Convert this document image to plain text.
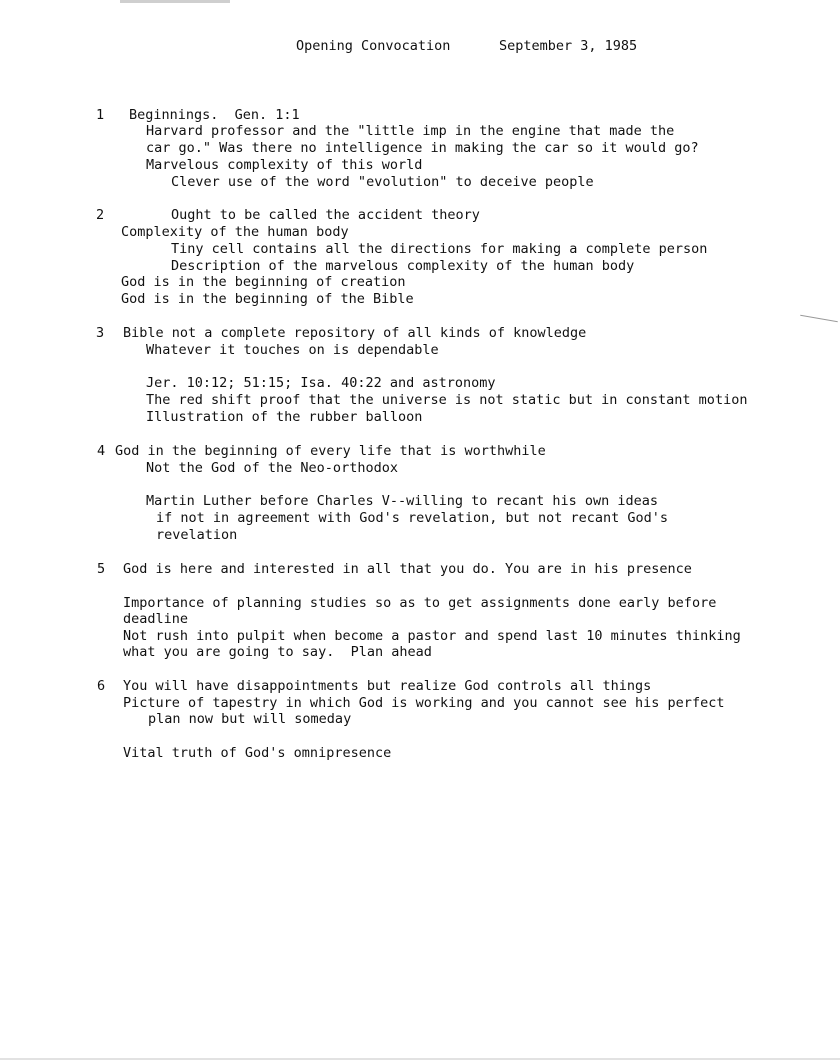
Opening Convocation	September 3, 1985
1 Beginnings.  Gen. 1:1
Harvard professor and the "little imp in the engine that made the
car go." Was there no intelligence in making the car so it would go?
Marvelous complexity of this world
Clever use of the word "evolution" to deceive people
2	Ought to be called the accident theory
Complexity of the human body
Tiny cell contains all the directions for making a complete person
Description of the marvelous complexity of the human body
God is in the beginning of creation
God is in the beginning of the Bible
3 Bible not a complete repository of all kinds of knowledge
Whatever it touches on is dependable
Jer. 10:12; 51:15; Isa. 40:22 and astronomy
The red shift proof that the universe is not static but in constant motion
Illustration of the rubber balloon
4 God in the beginning of every life that is worthwhile
Not the God of the Neo-orthodox
Martin Luther before Charles V--willing to recant his own ideas
if not in agreement with God's revelation, but not recant God's
revelation
5 God is here and interested in all that you do. You are in his presence
Importance of planning studies so as to get assignments done early before
deadline
Not rush into pulpit when become a pastor and spend last 10 minutes thinking
what you are going to say.  Plan ahead
6 You will have disappointments but realize God controls all things
Picture of tapestry in which God is working and you cannot see his perfect
plan now but will someday
Vital truth of God's omnipresence
